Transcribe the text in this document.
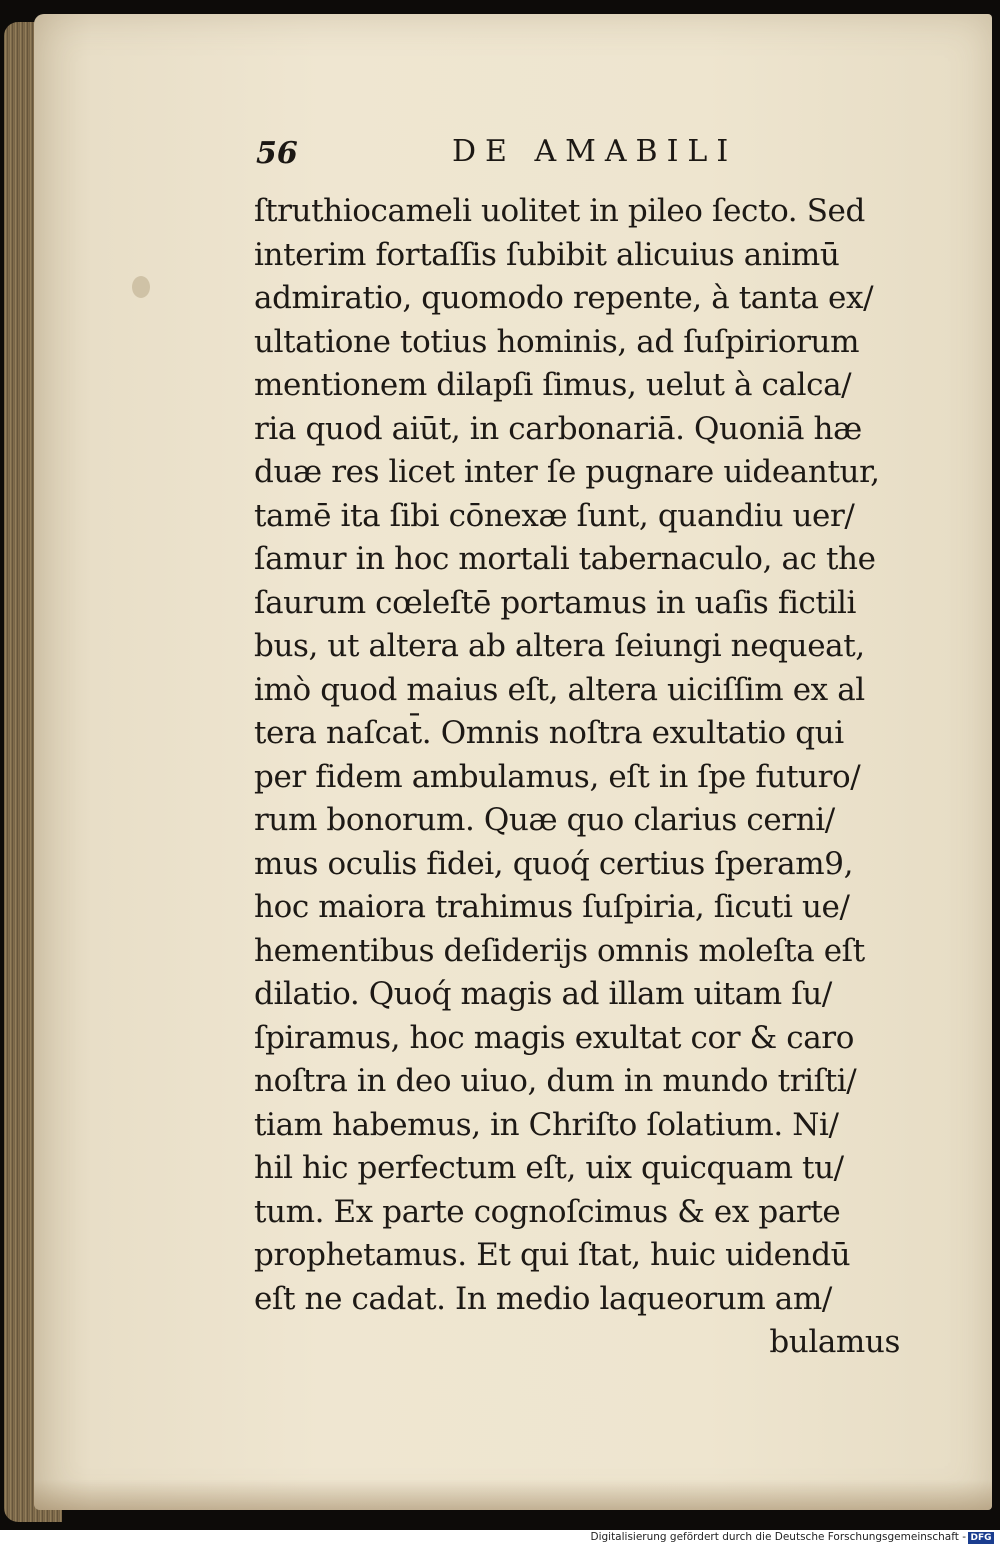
56	DE AMABILI
ſtruthiocameli uolitet in pileo ſecto. Sed
interim fortaſſis ſubibit alicuius animū
admiratio, quomodo repente, à tanta ex/
ultatione totius hominis, ad ſuſpiriorum
mentionem dilapſi ſimus, uelut à calca/
ria quod aiūt, in carbonariā. Quoniā hæ
duæ res licet inter ſe pugnare uideantur,
tamē ita ſibi cōnexæ ſunt, quandiu uer/
ſamur in hoc mortali tabernaculo, ac the
ſaurum cœleſtē portamus in uaſis fictili
bus, ut altera ab altera ſeiungi nequeat,
imò quod maius eſt, altera uiciſſim ex al
tera naſcat̄. Omnis noſtra exultatio qui
per fidem ambulamus, eſt in ſpe futuro/
rum bonorum. Quæ quo clarius cerni/
mus oculis fidei, quoq́ certius ſperam9,
hoc maiora trahimus ſuſpiria, ſicuti ue/
hementibus deſiderijs omnis moleſta eſt
dilatio. Quoq́ magis ad illam uitam ſu/
ſpiramus, hoc magis exultat cor & caro
noſtra in deo uiuo, dum in mundo triſti/
tiam habemus, in Chriſto ſolatium. Ni/
hil hic perfectum eſt, uix quicquam tu/
tum. Ex parte cognoſcimus & ex parte
prophetamus. Et qui ſtat, huic uidendū
eſt ne cadat. In medio laqueorum am/
bulamus
Digitalisierung gefördert durch die Deutsche Forschungsgemeinschaft - DFG
